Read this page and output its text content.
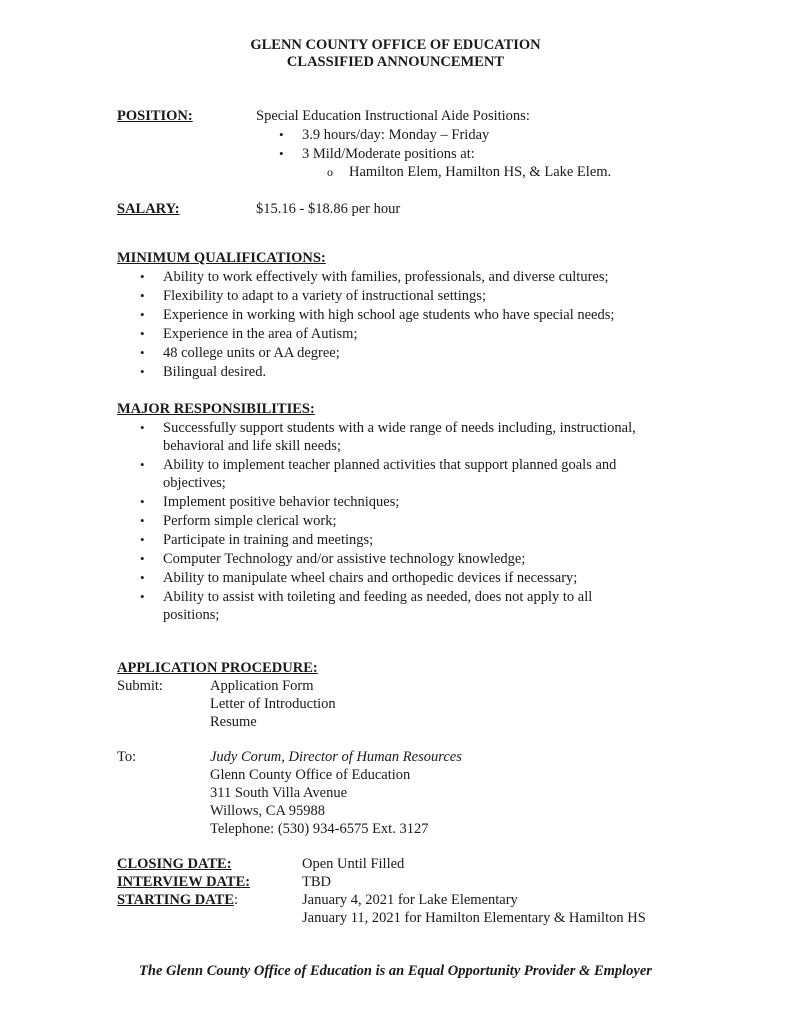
GLENN COUNTY OFFICE OF EDUCATION
CLASSIFIED ANNOUNCEMENT
POSITION:	Special Education Instructional Aide Positions:
• 3.9 hours/day: Monday – Friday
• 3 Mild/Moderate positions at:
o Hamilton Elem, Hamilton HS, & Lake Elem.
SALARY:	$15.16 - $18.86 per hour
MINIMUM QUALIFICATIONS:
• Ability to work effectively with families, professionals, and diverse cultures;
• Flexibility to adapt to a variety of instructional settings;
• Experience in working with high school age students who have special needs;
• Experience in the area of Autism;
• 48 college units or AA degree;
• Bilingual desired.
MAJOR RESPONSIBILITIES:
• Successfully support students with a wide range of needs including, instructional,
behavioral and life skill needs;
• Ability to implement teacher planned activities that support planned goals and
objectives;
• Implement positive behavior techniques;
• Perform simple clerical work;
• Participate in training and meetings;
• Computer Technology and/or assistive technology knowledge;
• Ability to manipulate wheel chairs and orthopedic devices if necessary;
• Ability to assist with toileting and feeding as needed, does not apply to all
positions;
APPLICATION PROCEDURE:
Submit:	Application Form
Letter of Introduction
Resume
To:	Judy Corum, Director of Human Resources
Glenn County Office of Education
311 South Villa Avenue
Willows, CA 95988
Telephone: (530) 934-6575 Ext. 3127
CLOSING DATE:	Open Until Filled
INTERVIEW DATE:	TBD
STARTING DATE:	January 4, 2021 for Lake Elementary
January 11, 2021 for Hamilton Elementary & Hamilton HS
The Glenn County Office of Education is an Equal Opportunity Provider & Employer
